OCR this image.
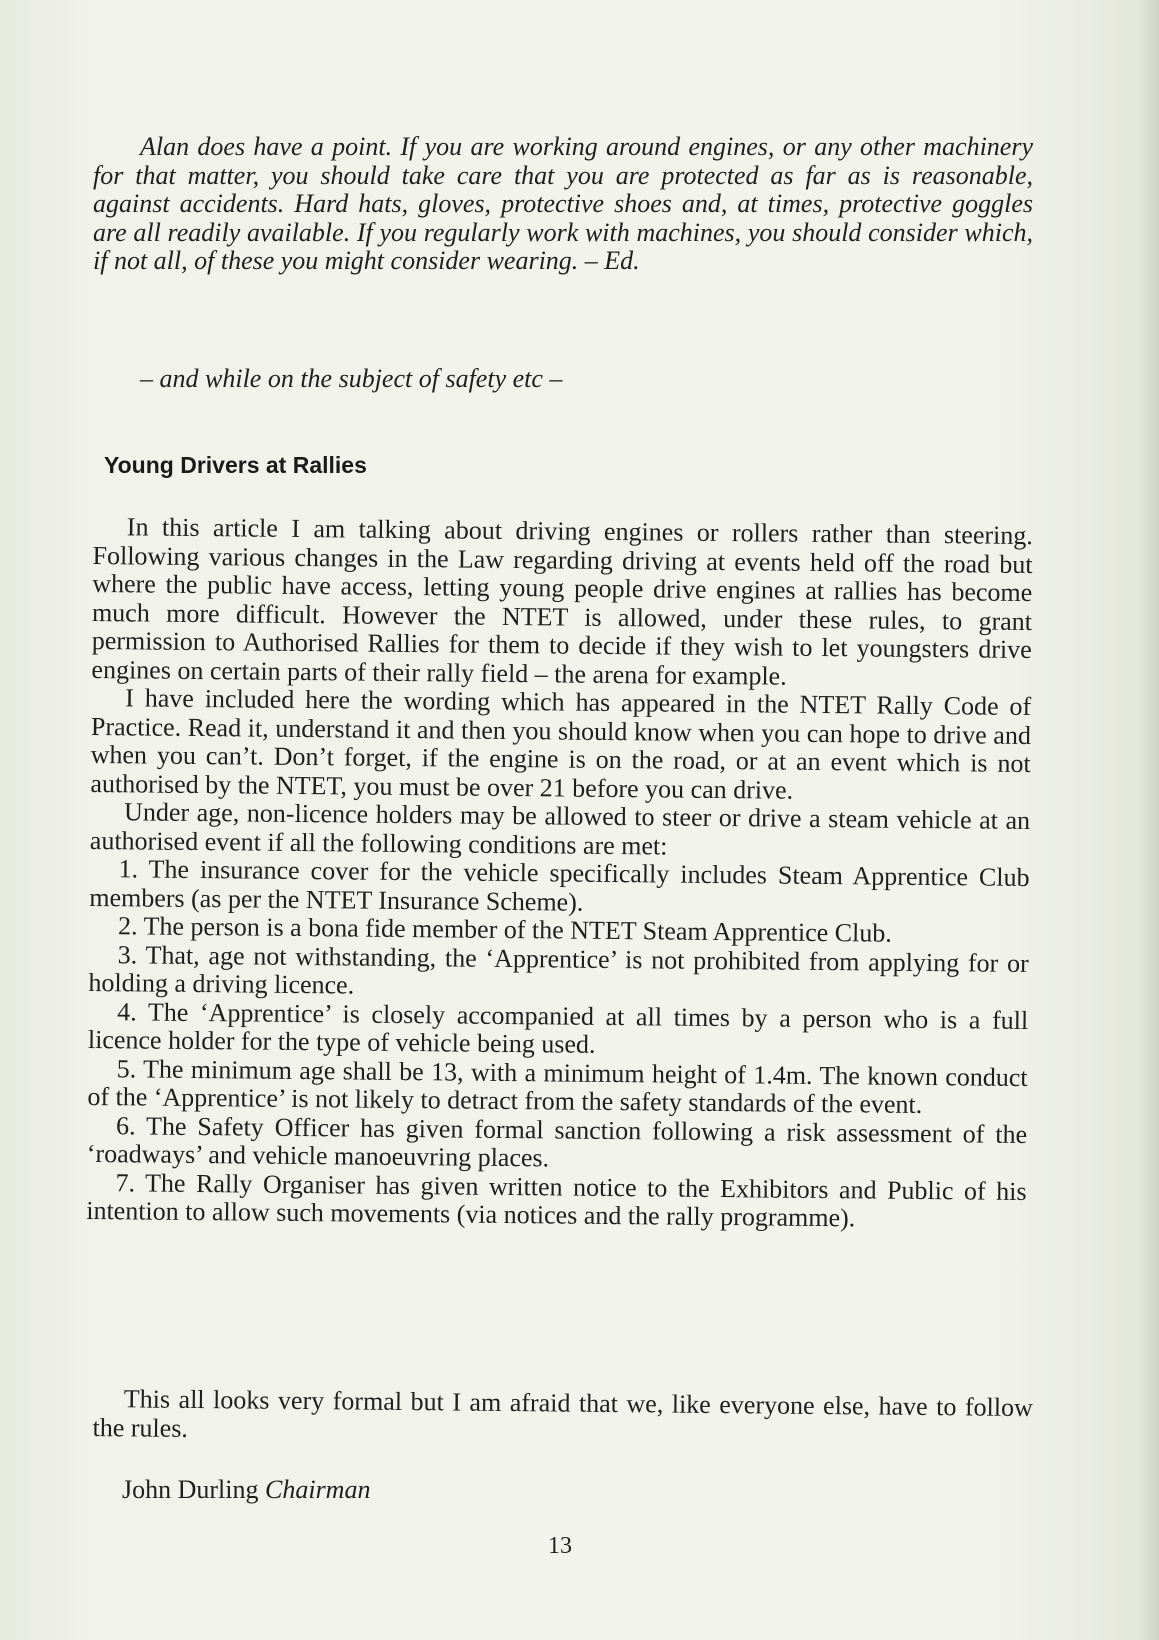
Alan does have a point. If you are working around engines, or any other machinery for that matter, you should take care that you are protected as far as is reasonable, against accidents. Hard hats, gloves, protective shoes and, at times, protective goggles are all readily available. If you regularly work with machines, you should consider which, if not all, of these you might consider wearing. – Ed.

– and while on the subject of safety etc –
Young Drivers at Rallies

In this article I am talking about driving engines or rollers rather than steering. Following various changes in the Law regarding driving at events held off the road but where the public have access, letting young people drive engines at rallies has become much more difficult. However the NTET is allowed, under these rules, to grant permission to Authorised Rallies for them to decide if they wish to let youngsters drive engines on certain parts of their rally field – the arena for example.

I have included here the wording which has appeared in the NTET Rally Code of Practice. Read it, understand it and then you should know when you can hope to drive and when you can’t. Don’t forget, if the engine is on the road, or at an event which is not authorised by the NTET, you must be over 21 before you can drive.

Under age, non-licence holders may be allowed to steer or drive a steam vehicle at an authorised event if all the following conditions are met:

1. The insurance cover for the vehicle specifically includes Steam Apprentice Club members (as per the NTET Insurance Scheme).

2. The person is a bona fide member of the NTET Steam Apprentice Club.

3. That, age not withstanding, the ‘Apprentice’ is not prohibited from applying for or holding a driving licence.

4. The ‘Apprentice’ is closely accompanied at all times by a person who is a full licence holder for the type of vehicle being used.

5. The minimum age shall be 13, with a minimum height of 1.4m. The known conduct of the ‘Apprentice’ is not likely to detract from the safety standards of the event.

6. The Safety Officer has given formal sanction following a risk assessment of the ‘roadways’ and vehicle manoeuvring places.

7. The Rally Organiser has given written notice to the Exhibitors and Public of his intention to allow such movements (via notices and the rally programme).

This all looks very formal but I am afraid that we, like everyone else, have to follow the rules.

John Durling Chairman
13
